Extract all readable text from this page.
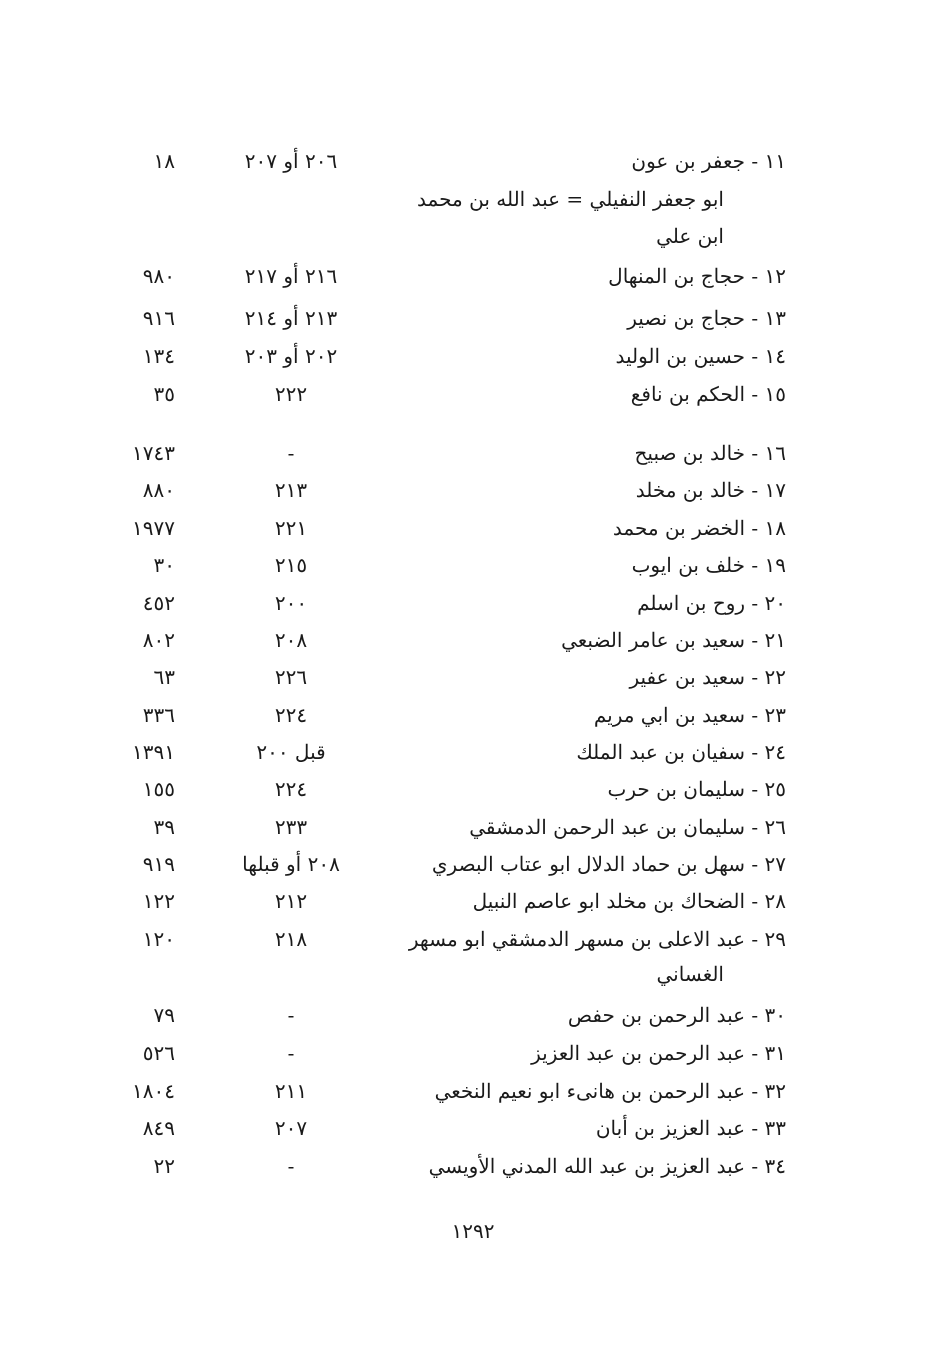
١١ - جعفر بن عون
٢٠٦ أو ٢٠٧
١٨
ابو جعفر النفيلي = عبد الله بن محمد
ابن علي
١٢ - حجاج بن المنهال
٢١٦ أو ٢١٧
٩٨٠
١٣ - حجاج بن نصير
٢١٣ أو ٢١٤
٩١٦
١٤ - حسين بن الوليد
٢٠٢ أو ٢٠٣
١٣٤
١٥ - الحكم بن نافع
٢٢٢
٣٥
١٦ - خالد بن صبيح
-
١٧٤٣
١٧ - خالد بن مخلد
٢١٣
٨٨٠
١٨ - الخضر بن محمد
٢٢١
١٩٧٧
١٩ - خلف بن ايوب
٢١٥
٣٠
٢٠ - روح بن اسلم
٢٠٠
٤٥٢
٢١ - سعيد بن عامر الضبعي
٢٠٨
٨٠٢
٢٢ - سعيد بن عفير
٢٢٦
٦٣
٢٣ - سعيد بن ابي مريم
٢٢٤
٣٣٦
٢٤ - سفيان بن عبد الملك
قبل ٢٠٠
١٣٩١
٢٥ - سليمان بن حرب
٢٢٤
١٥٥
٢٦ - سليمان بن عبد الرحمن الدمشقي
٢٣٣
٣٩
٢٧ - سهل بن حماد الدلال ابو عتاب البصري
٢٠٨ أو قبلها
٩١٩
٢٨ - الضحاك بن مخلد ابو عاصم النبيل
٢١٢
١٢٢
٢٩ - عبد الاعلى بن مسهر الدمشقي ابو مسهر
٢١٨
١٢٠
الغساني
٣٠ - عبد الرحمن بن حفص
-
٧٩
٣١ - عبد الرحمن بن عبد العزيز
-
٥٢٦
٣٢ - عبد الرحمن بن هانىء ابو نعيم النخعي
٢١١
١٨٠٤
٣٣ - عبد العزيز بن أبان
٢٠٧
٨٤٩
٣٤ - عبد العزيز بن عبد الله المدني الأويسي
-
٢٢
١٢٩٢
